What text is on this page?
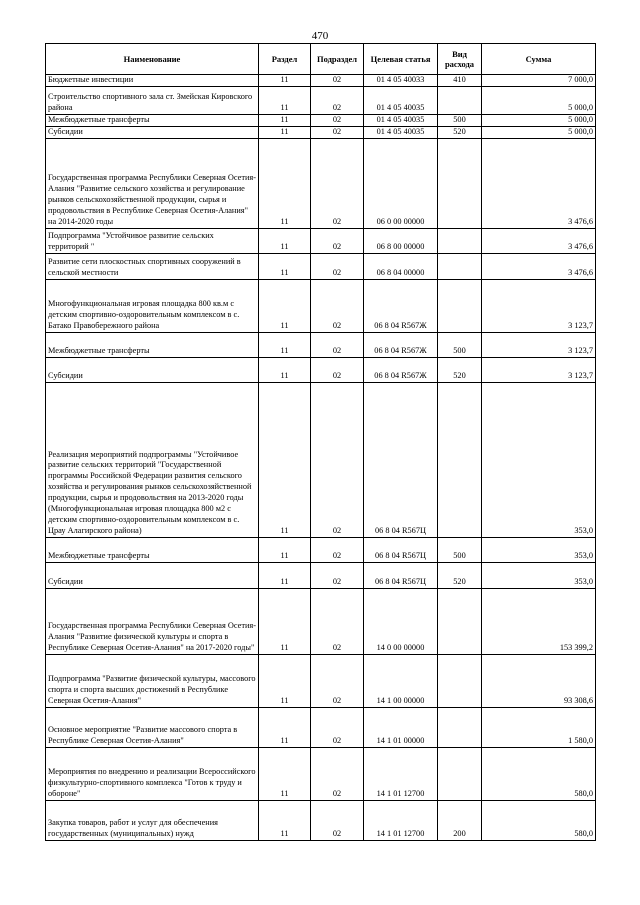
470
Наименование	Раздел	Подраздел	Целевая статья	Вид расхода	Сумма
Бюджетные инвестиции	11	02	01 4 05 40033	410	7 000,0
Строительство спортивного зала ст. Змейская Кировского района	11	02	01 4 05 40035		5 000,0
Межбюджетные трансферты	11	02	01 4 05 40035	500	5 000,0
Субсидии	11	02	01 4 05 40035	520	5 000,0
Государственная программа Республики Северная Осетия-Алания "Развитие сельского хозяйства и регулирование рынков сельскохозяйственной продукции, сырья и продовольствия в Республике Северная Осетия-Алания" на 2014-2020 годы	11	02	06 0 00 00000		3 476,6
Подпрограмма "Устойчивое развитие сельских территорий "	11	02	06 8 00 00000		3 476,6
Развитие сети плоскостных спортивных сооружений в сельской местности	11	02	06 8 04 00000		3 476,6
Многофункциональная игровая площадка 800 кв.м с детским спортивно-оздоровительным комплексом в с. Батако Правобережного района	11	02	06 8 04 R567Ж		3 123,7
Межбюджетные трансферты	11	02	06 8 04 R567Ж	500	3 123,7
Субсидии	11	02	06 8 04 R567Ж	520	3 123,7
Реализация мероприятий подпрограммы "Устойчивое развитие сельских территорий "Государственной программы Российской Федерации развития сельского хозяйства и регулирования рынков сельскохозяйственной продукции, сырья и продовольствия на 2013-2020 годы (Многофункциональная игровая площадка 800 м2 с детским спортивно-оздоровительным комплексом в с. Црау Алагирского района)	11	02	06 8 04 R567Ц		353,0
Межбюджетные трансферты	11	02	06 8 04 R567Ц	500	353,0
Субсидии	11	02	06 8 04 R567Ц	520	353,0
Государственная программа Республики Северная Осетия-Алания "Развитие физической культуры и спорта в Республике Северная Осетия-Алания" на 2017-2020 годы"	11	02	14 0 00 00000		153 399,2
Подпрограмма "Развитие физической культуры, массового спорта и спорта высших достижений в Республике Северная Осетия-Алания"	11	02	14 1 00 00000		93 308,6
Основное мероприятие "Развитие массового спорта в Республике Северная Осетия-Алания"	11	02	14 1 01 00000		1 580,0
Мероприятия по внедрению и реализации Всероссийского физкультурно-спортивного комплекса "Готов к труду и обороне"	11	02	14 1 01 12700		580,0
Закупка товаров, работ и услуг для обеспечения государственных (муниципальных) нужд	11	02	14 1 01 12700	200	580,0
